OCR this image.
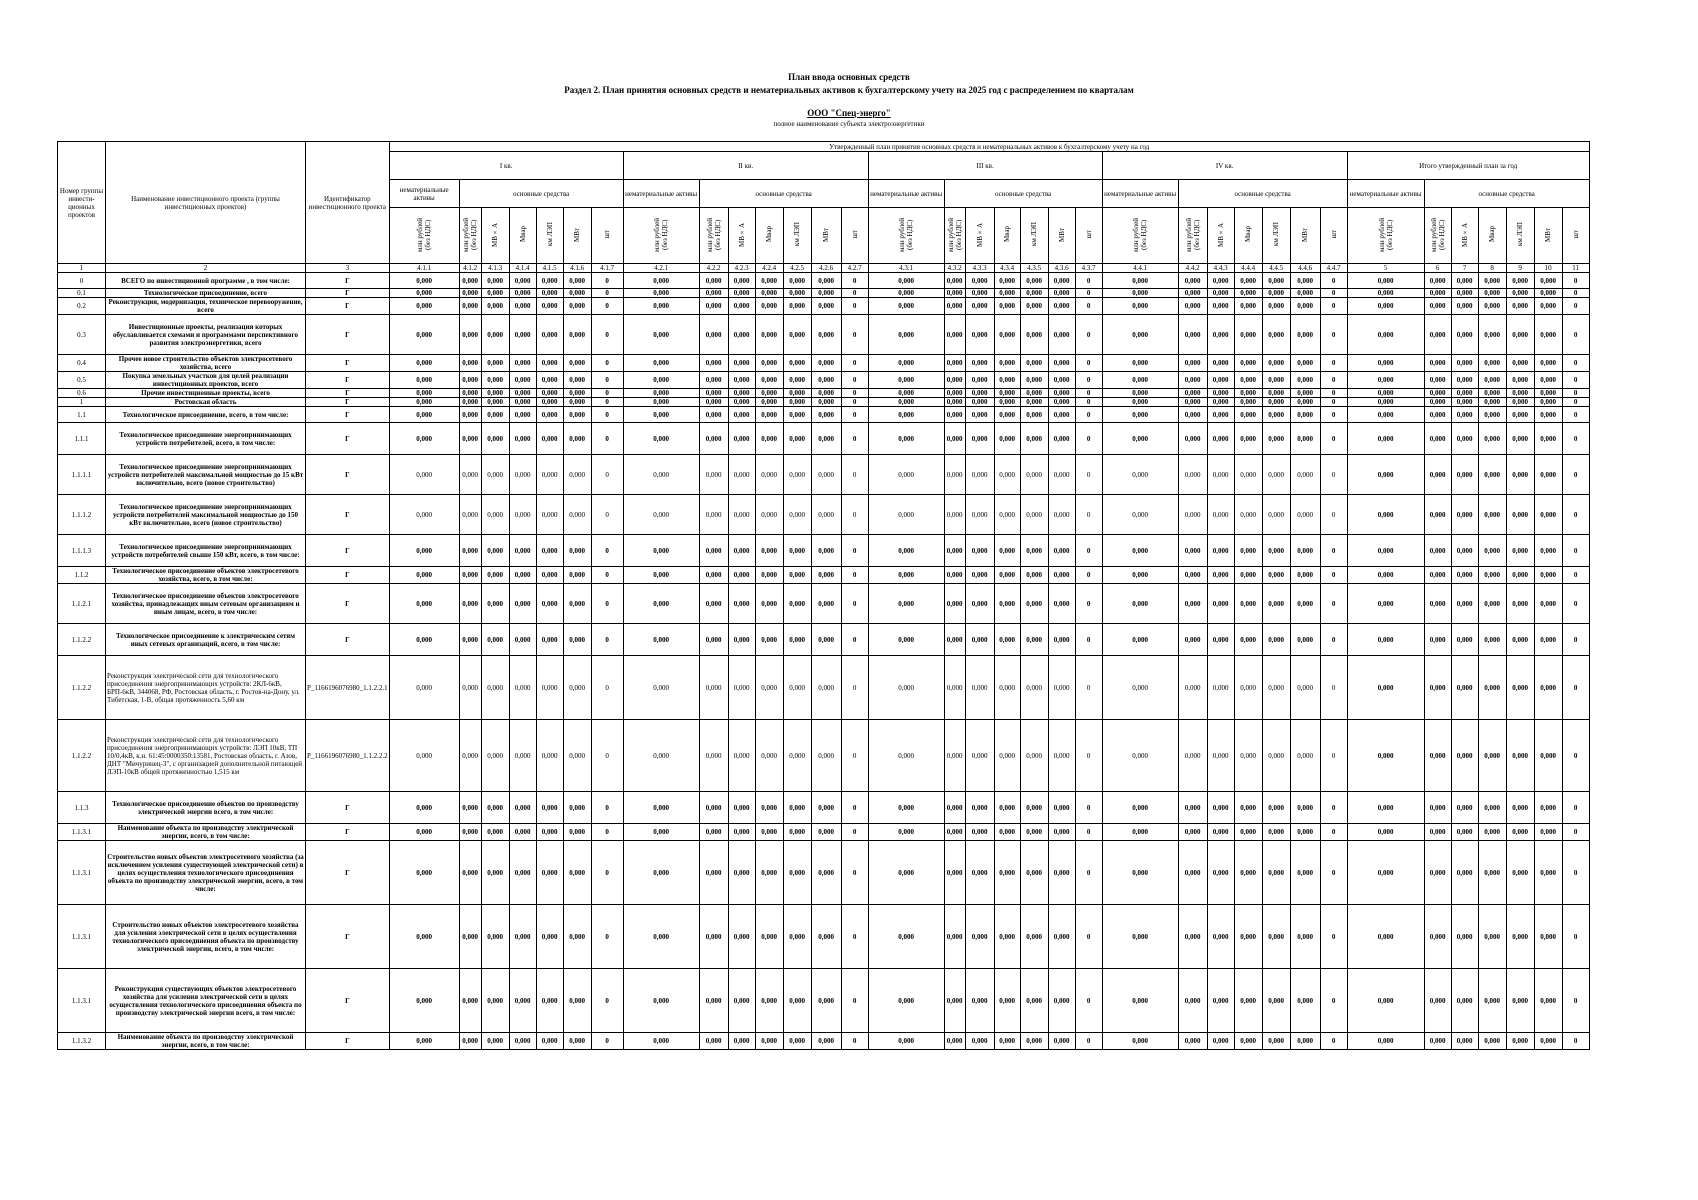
План ввода основных средств
Раздел 2. План принятия основных средств и нематериальных активов к бухгалтерскому учету на 2025 год с распределением по кварталам
ООО "Спец-энерго"
полное наименование субъекта электроэнергетики
Номер группы инвести-ционных проектов	Наименование инвестиционного проекта (группы инвестиционных проектов)	Идентификатор инвестиционного проекта	Утвержденный план принятия основных средств и нематериальных активов к бухгалтерскому учету на год																																		
			I кв.							II кв.							III кв.							IV кв.							Итого утвержденный план за год						
			нематериальные активы	основные средства						нематериальные активы	основные средства						нематериальные активы	основные средства						нематериальные активы	основные средства						нематериальные активы	основные средства					
			млн рублей (без НДС)	млн рублей (без НДС)	МВ×А	Мвар	км ЛЭП	МВт	шт	млн рублей (без НДС)	млн рублей (без НДС)	МВ×А	Мвар	км ЛЭП	МВт	шт	млн рублей (без НДС)	млн рублей (без НДС)	МВ×А	Мвар	км ЛЭП	МВт	шт	млн рублей (без НДС)	млн рублей (без НДС)	МВ×А	Мвар	км ЛЭП	МВт	шт	млн рублей (без НДС)	млн рублей (без НДС)	МВ×А	Мвар	км ЛЭП	МВт	шт
1	2	3	4.1.1	4.1.2	4.1.3	4.1.4	4.1.5	4.1.6	4.1.7	4.2.1	4.2.2	4.2.3	4.2.4	4.2.5	4.2.6	4.2.7	4.3.1	4.3.2	4.3.3	4.3.4	4.3.5	4.3.6	4.3.7	4.4.1	4.4.2	4.4.3	4.4.4	4.4.5	4.4.6	4.4.7	5	6	7	8	9	10	11
0	ВСЕГО по инвестиционной программе , в том числе:	Г	0,000	0,000	0,000	0,000	0,000	0,000	0	0,000	0,000	0,000	0,000	0,000	0,000	0	0,000	0,000	0,000	0,000	0,000	0,000	0	0,000	0,000	0,000	0,000	0,000	0,000	0	0,000	0,000	0,000	0,000	0,000	0,000	0
0.1	Технологическое присоединение, всего	Г	0,000	0,000	0,000	0,000	0,000	0,000	0	0,000	0,000	0,000	0,000	0,000	0,000	0	0,000	0,000	0,000	0,000	0,000	0,000	0	0,000	0,000	0,000	0,000	0,000	0,000	0	0,000	0,000	0,000	0,000	0,000	0,000	0
0.2	Реконструкция, модернизация, техническое перевооружение, всего	Г	0,000	0,000	0,000	0,000	0,000	0,000	0	0,000	0,000	0,000	0,000	0,000	0,000	0	0,000	0,000	0,000	0,000	0,000	0,000	0	0,000	0,000	0,000	0,000	0,000	0,000	0	0,000	0,000	0,000	0,000	0,000	0,000	0
0.3	Инвестиционные проекты, реализация которых обуславливается схемами и программами перспективного развития электроэнергетики, всего	Г	0,000	0,000	0,000	0,000	0,000	0,000	0	0,000	0,000	0,000	0,000	0,000	0,000	0	0,000	0,000	0,000	0,000	0,000	0,000	0	0,000	0,000	0,000	0,000	0,000	0,000	0	0,000	0,000	0,000	0,000	0,000	0,000	0
0.4	Прочее новое строительство объектов электросетевого хозяйства, всего	Г	0,000	0,000	0,000	0,000	0,000	0,000	0	0,000	0,000	0,000	0,000	0,000	0,000	0	0,000	0,000	0,000	0,000	0,000	0,000	0	0,000	0,000	0,000	0,000	0,000	0,000	0	0,000	0,000	0,000	0,000	0,000	0,000	0
0.5	Покупка земельных участков для целей реализации инвестиционных проектов, всего	Г	0,000	0,000	0,000	0,000	0,000	0,000	0	0,000	0,000	0,000	0,000	0,000	0,000	0	0,000	0,000	0,000	0,000	0,000	0,000	0	0,000	0,000	0,000	0,000	0,000	0,000	0	0,000	0,000	0,000	0,000	0,000	0,000	0
0.6	Прочие инвестиционные проекты, всего	Г	0,000	0,000	0,000	0,000	0,000	0,000	0	0,000	0,000	0,000	0,000	0,000	0,000	0	0,000	0,000	0,000	0,000	0,000	0,000	0	0,000	0,000	0,000	0,000	0,000	0,000	0	0,000	0,000	0,000	0,000	0,000	0,000	0
1	Ростовская область	Г	0,000	0,000	0,000	0,000	0,000	0,000	0	0,000	0,000	0,000	0,000	0,000	0,000	0	0,000	0,000	0,000	0,000	0,000	0,000	0	0,000	0,000	0,000	0,000	0,000	0,000	0	0,000	0,000	0,000	0,000	0,000	0,000	0
1.1	Технологическое присоединение, всего, в том числе:	Г	0,000	0,000	0,000	0,000	0,000	0,000	0	0,000	0,000	0,000	0,000	0,000	0,000	0	0,000	0,000	0,000	0,000	0,000	0,000	0	0,000	0,000	0,000	0,000	0,000	0,000	0	0,000	0,000	0,000	0,000	0,000	0,000	0
1.1.1	Технологическое присоединение энергопринимающих устройств потребителей, всего, в том числе:	Г	0,000	0,000	0,000	0,000	0,000	0,000	0	0,000	0,000	0,000	0,000	0,000	0,000	0	0,000	0,000	0,000	0,000	0,000	0,000	0	0,000	0,000	0,000	0,000	0,000	0,000	0	0,000	0,000	0,000	0,000	0,000	0,000	0
1.1.1.1	Технологическое присоединение энергопринимающих устройств потребителей максимальной мощностью до 15 кВт включительно, всего (новое строительство)	Г	0,000	0,000	0,000	0,000	0,000	0,000	0	0,000	0,000	0,000	0,000	0,000	0,000	0	0,000	0,000	0,000	0,000	0,000	0,000	0	0,000	0,000	0,000	0,000	0,000	0,000	0	0,000	0,000	0,000	0,000	0,000	0,000	0
1.1.1.2	Технологическое присоединение энергопринимающих устройств потребителей максимальной мощностью до 150 кВт включительно, всего (новое строительство)	Г	0,000	0,000	0,000	0,000	0,000	0,000	0	0,000	0,000	0,000	0,000	0,000	0,000	0	0,000	0,000	0,000	0,000	0,000	0,000	0	0,000	0,000	0,000	0,000	0,000	0,000	0	0,000	0,000	0,000	0,000	0,000	0,000	0
1.1.1.3	Технологическое присоединение энергопринимающих устройств потребителей свыше 150 кВт, всего, в том числе:	Г	0,000	0,000	0,000	0,000	0,000	0,000	0	0,000	0,000	0,000	0,000	0,000	0,000	0	0,000	0,000	0,000	0,000	0,000	0,000	0	0,000	0,000	0,000	0,000	0,000	0,000	0	0,000	0,000	0,000	0,000	0,000	0,000	0
1.1.2	Технологическое присоединение объектов электросетевого хозяйства, всего, в том числе:	Г	0,000	0,000	0,000	0,000	0,000	0,000	0	0,000	0,000	0,000	0,000	0,000	0,000	0	0,000	0,000	0,000	0,000	0,000	0,000	0	0,000	0,000	0,000	0,000	0,000	0,000	0	0,000	0,000	0,000	0,000	0,000	0,000	0
1.1.2.1	Технологическое присоединение объектов электросетевого хозяйства, принадлежащих иным сетевым организациям и иным лицам, всего, в том числе:	Г	0,000	0,000	0,000	0,000	0,000	0,000	0	0,000	0,000	0,000	0,000	0,000	0,000	0	0,000	0,000	0,000	0,000	0,000	0,000	0	0,000	0,000	0,000	0,000	0,000	0,000	0	0,000	0,000	0,000	0,000	0,000	0,000	0
1.1.2.2	Технологическое присоединение к электрическим сетям иных сетевых организаций, всего, в том числе:	Г	0,000	0,000	0,000	0,000	0,000	0,000	0	0,000	0,000	0,000	0,000	0,000	0,000	0	0,000	0,000	0,000	0,000	0,000	0,000	0	0,000	0,000	0,000	0,000	0,000	0,000	0	0,000	0,000	0,000	0,000	0,000	0,000	0
1.1.2.2	Реконструкция электрической сети для технологического присоединения энергопринимающих устройств: 2КЛ-6кВ, БРП-6кВ, 344068, РФ, Ростовская область, г. Ростов-на-Дону, ул. Тибетская, 1-В, общая протяженность 5,60 км	P_1166196076980_1.1.2.2.1	0,000	0,000	0,000	0,000	0,000	0,000	0	0,000	0,000	0,000	0,000	0,000	0,000	0	0,000	0,000	0,000	0,000	0,000	0,000	0	0,000	0,000	0,000	0,000	0,000	0,000	0	0,000	0,000	0,000	0,000	0,000	0,000	0
1.1.2.2	Реконструкция электрической сети для технологического присоединения энергопринимающих устройств: ЛЭП 10кВ, ТП 10/0,4кВ, к.н. 61:45:0000350:13581, Ростовская область, г. Азов, ДНТ "Мичуринец-3", с организацией дополнительной питающей ЛЭП-10кВ общей протяженностью 1,515 км	P_1166196076980_1.1.2.2.2	0,000	0,000	0,000	0,000	0,000	0,000	0	0,000	0,000	0,000	0,000	0,000	0,000	0	0,000	0,000	0,000	0,000	0,000	0,000	0	0,000	0,000	0,000	0,000	0,000	0,000	0	0,000	0,000	0,000	0,000	0,000	0,000	0
1.1.3	Технологическое присоединение объектов по производству электрической энергии всего, в том числе:	Г	0,000	0,000	0,000	0,000	0,000	0,000	0	0,000	0,000	0,000	0,000	0,000	0,000	0	0,000	0,000	0,000	0,000	0,000	0,000	0	0,000	0,000	0,000	0,000	0,000	0,000	0	0,000	0,000	0,000	0,000	0,000	0,000	0
1.1.3.1	Наименование объекта по производству электрической энергии, всего, в том числе:	Г	0,000	0,000	0,000	0,000	0,000	0,000	0	0,000	0,000	0,000	0,000	0,000	0,000	0	0,000	0,000	0,000	0,000	0,000	0,000	0	0,000	0,000	0,000	0,000	0,000	0,000	0	0,000	0,000	0,000	0,000	0,000	0,000	0
1.1.3.1	Строительство новых объектов электросетевого хозяйства (за исключением усиления существующей электрической сети) в целях осуществления технологического присоединения объекта по производству электрической энергии, всего, в том числе:	Г	0,000	0,000	0,000	0,000	0,000	0,000	0	0,000	0,000	0,000	0,000	0,000	0,000	0	0,000	0,000	0,000	0,000	0,000	0,000	0	0,000	0,000	0,000	0,000	0,000	0,000	0	0,000	0,000	0,000	0,000	0,000	0,000	0
1.1.3.1	Строительство новых объектов электросетевого хозяйства для усиления электрической сети в целях осуществления технологического присоединения объекта по производству электрической энергии, всего, в том числе:	Г	0,000	0,000	0,000	0,000	0,000	0,000	0	0,000	0,000	0,000	0,000	0,000	0,000	0	0,000	0,000	0,000	0,000	0,000	0,000	0	0,000	0,000	0,000	0,000	0,000	0,000	0	0,000	0,000	0,000	0,000	0,000	0,000	0
1.1.3.1	Реконструкция существующих объектов электросетевого хозяйства для усиления электрической сети в целях осуществления технологического присоединения объекта по производству электрической энергии всего, в том числе:	Г	0,000	0,000	0,000	0,000	0,000	0,000	0	0,000	0,000	0,000	0,000	0,000	0,000	0	0,000	0,000	0,000	0,000	0,000	0,000	0	0,000	0,000	0,000	0,000	0,000	0,000	0	0,000	0,000	0,000	0,000	0,000	0,000	0
1.1.3.2	Наименование объекта по производству электрической энергии, всего, в том числе:	Г	0,000	0,000	0,000	0,000	0,000	0,000	0	0,000	0,000	0,000	0,000	0,000	0,000	0	0,000	0,000	0,000	0,000	0,000	0,000	0	0,000	0,000	0,000	0,000	0,000	0,000	0	0,000	0,000	0,000	0,000	0,000	0,000	0
